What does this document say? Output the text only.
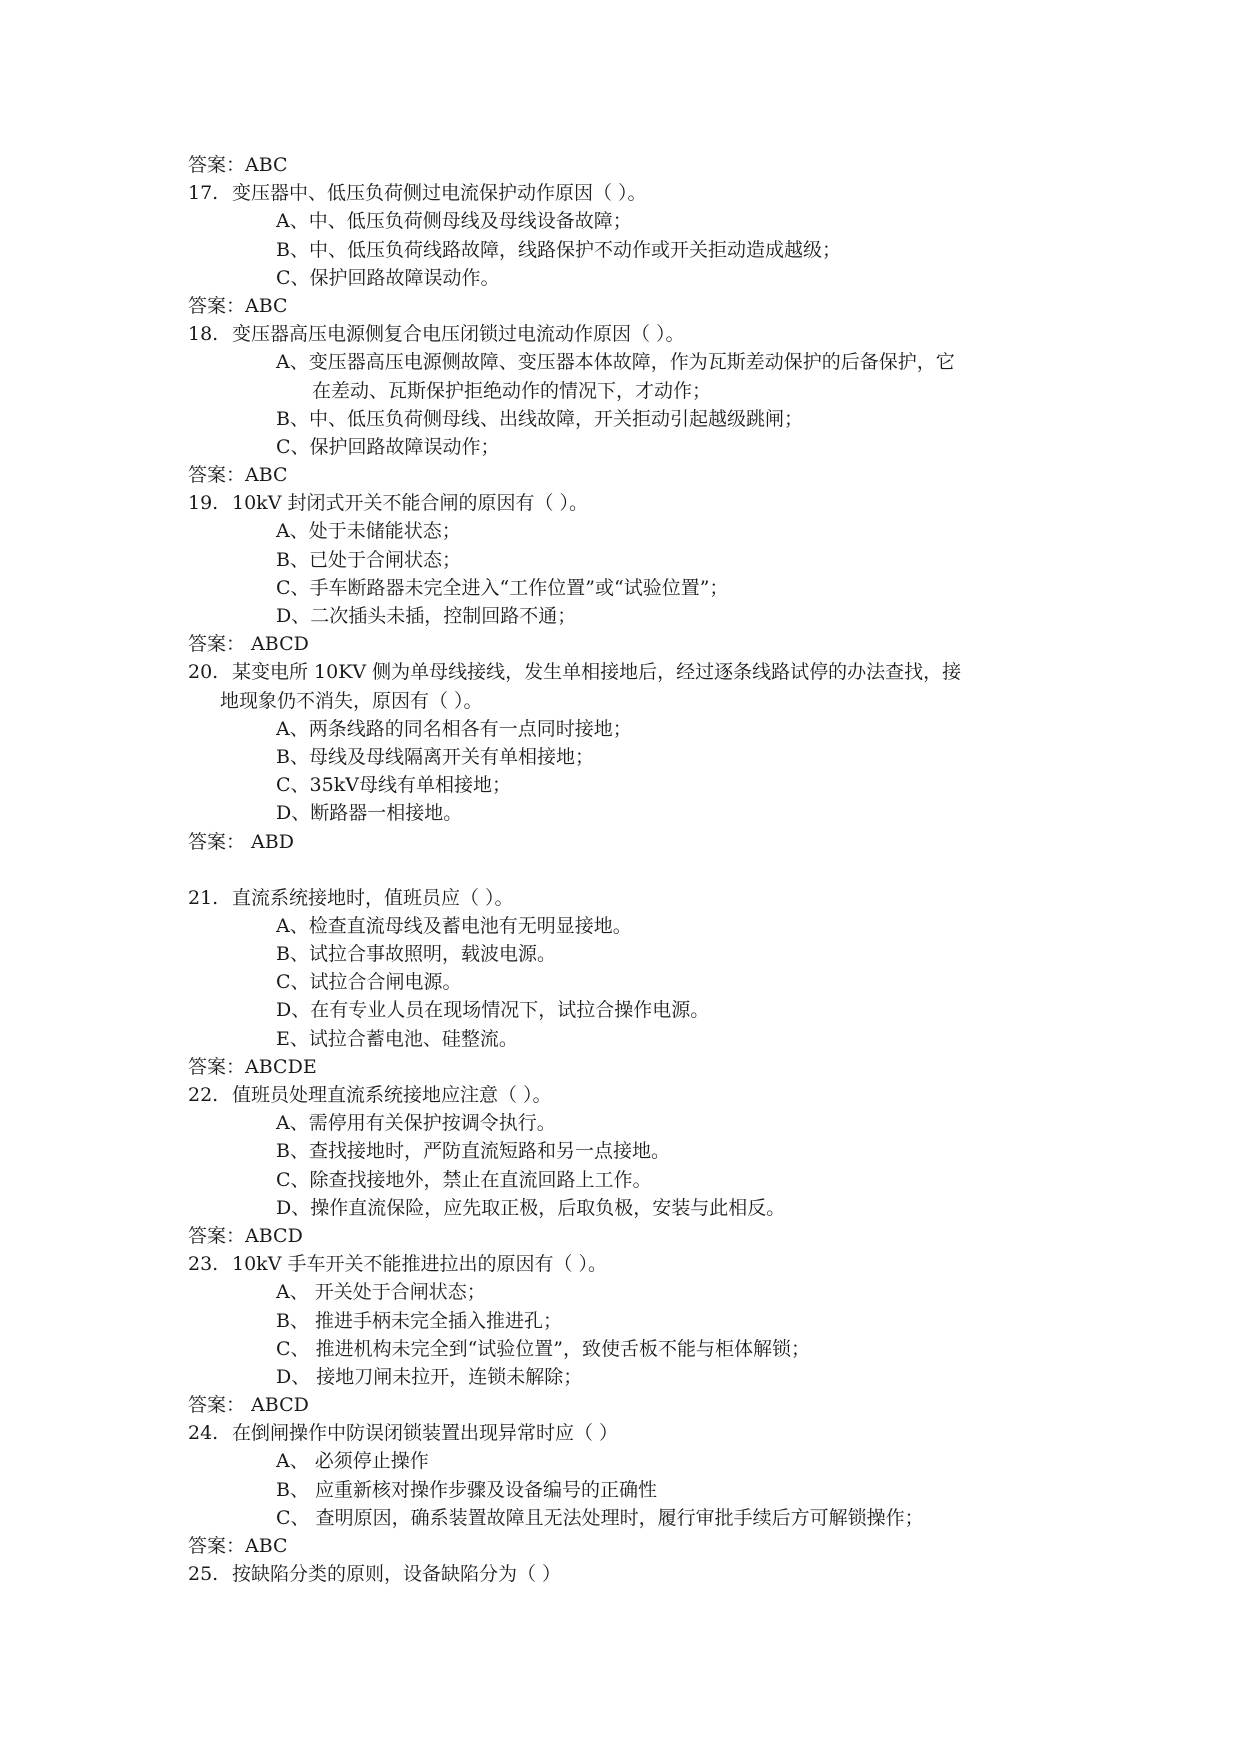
答案：ABC
17. 变压器中、低压负荷侧过电流保护动作原因（ ）。
A、中、低压负荷侧母线及母线设备故障；
B、中、低压负荷线路故障，线路保护不动作或开关拒动造成越级；
C、保护回路故障误动作。
答案：ABC
18. 变压器高压电源侧复合电压闭锁过电流动作原因（ ）。
A、变压器高压电源侧故障、变压器本体故障，作为瓦斯差动保护的后备保护，它
在差动、瓦斯保护拒绝动作的情况下，才动作；
B、中、低压负荷侧母线、出线故障，开关拒动引起越级跳闸；
C、保护回路故障误动作；
答案：ABC
19. 10kV 封闭式开关不能合闸的原因有（ ）。
A、处于未储能状态；
B、已处于合闸状态；
C、手车断路器未完全进入“工作位置”或“试验位置”；
D、二次插头未插，控制回路不通；
答案： ABCD
20. 某变电所 10KV 侧为单母线接线，发生单相接地后，经过逐条线路试停的办法查找，接
地现象仍不消失，原因有（ ）。
A、两条线路的同名相各有一点同时接地；
B、母线及母线隔离开关有单相接地；
C、35kV母线有单相接地；
D、断路器一相接地。
答案： ABD
21. 直流系统接地时，值班员应（ ）。
A、检查直流母线及蓄电池有无明显接地。
B、试拉合事故照明，载波电源。
C、试拉合合闸电源。
D、在有专业人员在现场情况下，试拉合操作电源。
E、试拉合蓄电池、硅整流。
答案：ABCDE
22. 值班员处理直流系统接地应注意（ ）。
A、需停用有关保护按调令执行。
B、查找接地时，严防直流短路和另一点接地。
C、除查找接地外，禁止在直流回路上工作。
D、操作直流保险，应先取正极，后取负极，安装与此相反。
答案：ABCD
23. 10kV 手车开关不能推进拉出的原因有（ ）。
A、 开关处于合闸状态；
B、 推进手柄未完全插入推进孔；
C、 推进机构未完全到“试验位置”，致使舌板不能与柜体解锁；
D、 接地刀闸未拉开，连锁未解除；
答案： ABCD
24. 在倒闸操作中防误闭锁装置出现异常时应（ ）
A、 必须停止操作
B、 应重新核对操作步骤及设备编号的正确性
C、 查明原因，确系装置故障且无法处理时，履行审批手续后方可解锁操作；
答案：ABC
25. 按缺陷分类的原则，设备缺陷分为（ ）
